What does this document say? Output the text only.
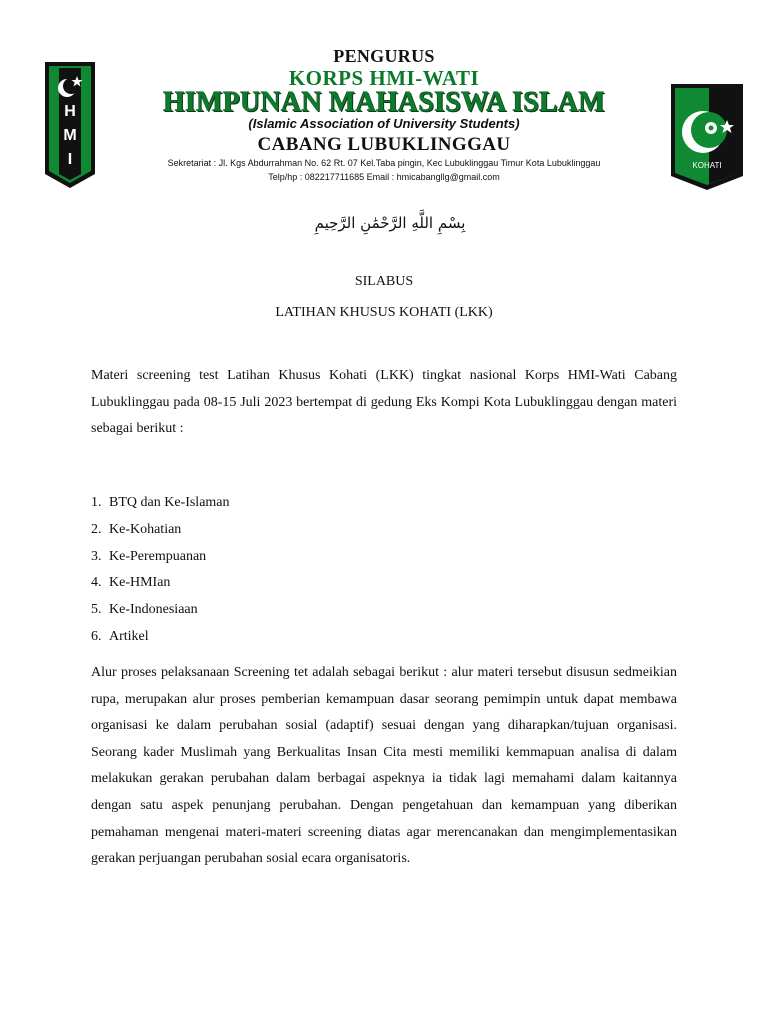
H
M
I	KOHATI
PENGURUS
KORPS HMI-WATI
HIMPUNAN MAHASISWA ISLAM
(Islamic Association of University Students)
CABANG LUBUKLINGGAU
Sekretariat : Jl. Kgs Abdurrahman No. 62 Rt. 07 Kel.Taba pingin, Kec Lubuklinggau Timur Kota Lubuklinggau
Telp/hp : 082217711685 Email : hmicabangllg@gmail.com
بِسْمِ اللَّهِ الرَّحْمَٰنِ الرَّحِيمِ
SILABUS
LATIHAN KHUSUS KOHATI (LKK)

Materi screening test Latihan Khusus Kohati (LKK) tingkat nasional Korps HMI-Wati Cabang Lubuklinggau pada 08-15 Juli 2023 bertempat di gedung Eks Kompi Kota Lubuklinggau dengan materi sebagai berikut :

1. BTQ dan Ke-Islaman
2. Ke-Kohatian
3. Ke-Perempuanan
4. Ke-HMIan
5. Ke-Indonesiaan
6. Artikel

Alur proses pelaksanaan Screening tet adalah sebagai berikut : alur materi tersebut disusun sedmeikian rupa, merupakan alur proses pemberian kemampuan dasar seorang pemimpin untuk dapat membawa organisasi ke dalam perubahan sosial (adaptif) sesuai dengan yang diharapkan/tujuan organisasi. Seorang kader Muslimah yang Berkualitas Insan Cita mesti memiliki kemmapuan analisa di dalam melakukan gerakan perubahan dalam berbagai aspeknya ia tidak lagi memahami dalam kaitannya dengan satu aspek penunjang perubahan. Dengan pengetahuan dan kemampuan yang diberikan pemahaman mengenai materi-materi screening diatas agar merencanakan dan mengimplementasikan gerakan perjuangan perubahan sosial ecara organisatoris.
